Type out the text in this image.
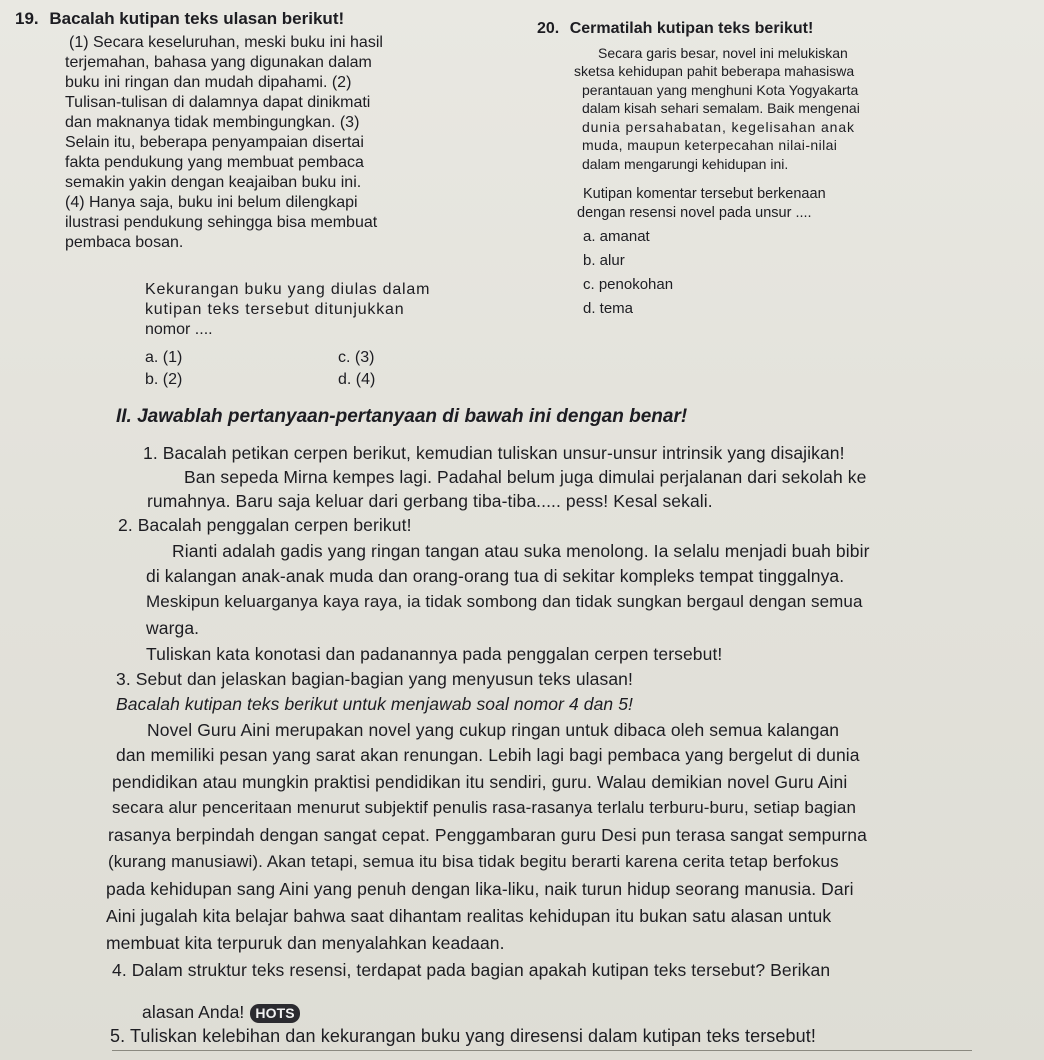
19. Bacalah kutipan teks ulasan berikut!
(1) Secara keseluruhan, meski buku ini hasil
terjemahan, bahasa yang digunakan dalam
buku ini ringan dan mudah dipahami. (2)
Tulisan-tulisan di dalamnya dapat dinikmati
dan maknanya tidak membingungkan. (3)
Selain itu, beberapa penyampaian disertai
fakta pendukung yang membuat pembaca
semakin yakin dengan keajaiban buku ini.
(4) Hanya saja, buku ini belum dilengkapi
ilustrasi pendukung sehingga bisa membuat
pembaca bosan.
Kekurangan buku yang diulas dalam
kutipan teks tersebut ditunjukkan
nomor ....
a. (1)
b. (2)
c. (3)
d. (4)
20. Cermatilah kutipan teks berikut!
Secara garis besar, novel ini melukiskan
sketsa kehidupan pahit beberapa mahasiswa
perantauan yang menghuni Kota Yogyakarta
dalam kisah sehari semalam. Baik mengenai
dunia persahabatan, kegelisahan anak
muda, maupun keterpecahan nilai-nilai
dalam mengarungi kehidupan ini.
Kutipan komentar tersebut berkenaan
dengan resensi novel pada unsur ....
a. amanat
b. alur
c. penokohan
d. tema
II. Jawablah pertanyaan-pertanyaan di bawah ini dengan benar!
1. Bacalah petikan cerpen berikut, kemudian tuliskan unsur-unsur intrinsik yang disajikan!
Ban sepeda Mirna kempes lagi. Padahal belum juga dimulai perjalanan dari sekolah ke
rumahnya. Baru saja keluar dari gerbang tiba-tiba..... pess! Kesal sekali.
2. Bacalah penggalan cerpen berikut!
Rianti adalah gadis yang ringan tangan atau suka menolong. Ia selalu menjadi buah bibir
di kalangan anak-anak muda dan orang-orang tua di sekitar kompleks tempat tinggalnya.
Meskipun keluarganya kaya raya, ia tidak sombong dan tidak sungkan bergaul dengan semua
warga.
Tuliskan kata konotasi dan padanannya pada penggalan cerpen tersebut!
3. Sebut dan jelaskan bagian-bagian yang menyusun teks ulasan!
Bacalah kutipan teks berikut untuk menjawab soal nomor 4 dan 5!
Novel Guru Aini merupakan novel yang cukup ringan untuk dibaca oleh semua kalangan
dan memiliki pesan yang sarat akan renungan. Lebih lagi bagi pembaca yang bergelut di dunia
pendidikan atau mungkin praktisi pendidikan itu sendiri, guru. Walau demikian novel Guru Aini
secara alur penceritaan menurut subjektif penulis rasa-rasanya terlalu terburu-buru, setiap bagian
rasanya berpindah dengan sangat cepat. Penggambaran guru Desi pun terasa sangat sempurna
(kurang manusiawi). Akan tetapi, semua itu bisa tidak begitu berarti karena cerita tetap berfokus
pada kehidupan sang Aini yang penuh dengan lika-liku, naik turun hidup seorang manusia. Dari
Aini jugalah kita belajar bahwa saat dihantam realitas kehidupan itu bukan satu alasan untuk
membuat kita terpuruk dan menyalahkan keadaan.
4. Dalam struktur teks resensi, terdapat pada bagian apakah kutipan teks tersebut? Berikan
alasan Anda! HOTS
5. Tuliskan kelebihan dan kekurangan buku yang diresensi dalam kutipan teks tersebut!
